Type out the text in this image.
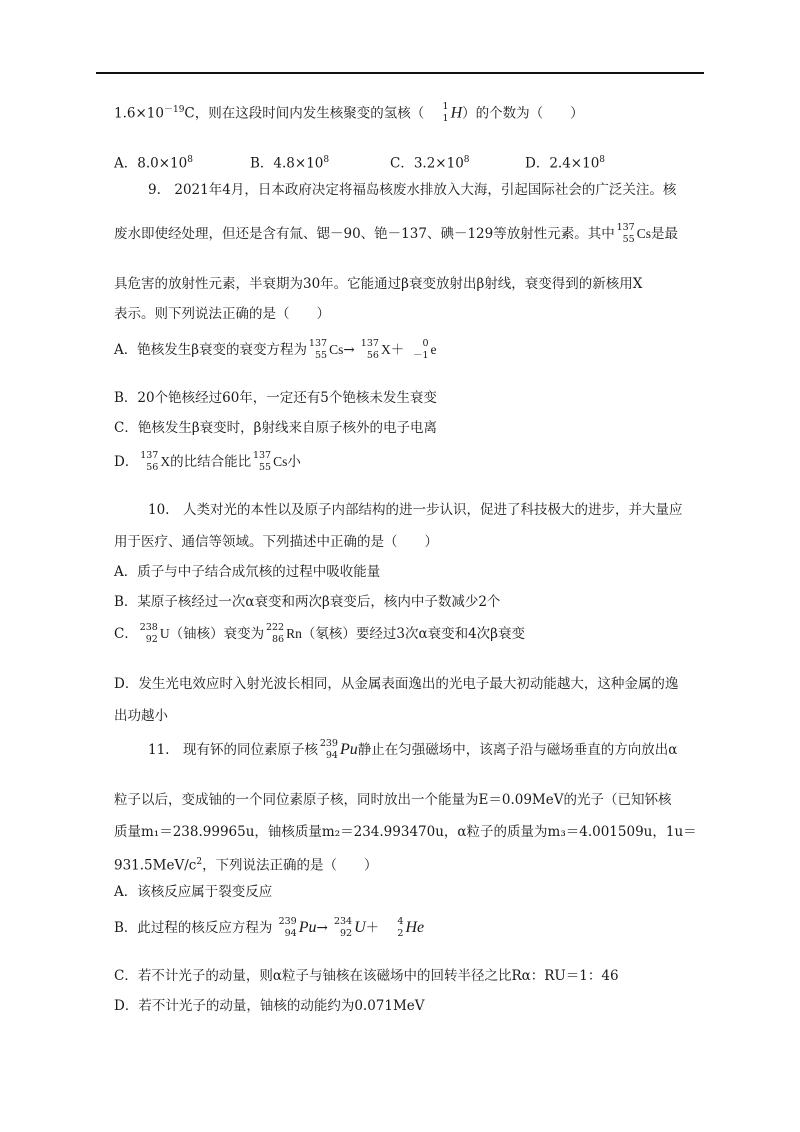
$1.6\times 10^{-19}C$，则在这段时间内发生核聚变的氢核（ 1
1 H）的个数为（　　）
A．$8.0\times 10^8$	B．$4.8\times 10^8$	C．$3.2\times 10^8$	D．$2.4\times 10^8$
9.　2021年4月，日本政府决定将福岛核废水排放入大海，引起国际社会的广泛关注。核
废水即使经处理，但还是含有氚、锶－90、铯－137、碘－129等放射性元素。其中 137
55 Cs是最
具危害的放射性元素，半衰期为30年。它能通过β衰变放射出β射线，衰变得到的新核用X
表示。则下列说法正确的是（　　）
A．铯核发生β衰变的衰变方程为 137
55 Cs→ 137
56 X＋ 0
－1 e
B．20个铯核经过60年，一定还有5个铯核未发生衰变
C．铯核发生β衰变时，β射线来自原子核外的电子电离
D． 137
56 X的比结合能比 137
55 Cs小
10.　人类对光的本性以及原子内部结构的进一步认识，促进了科技极大的进步，并大量应
用于医疗、通信等领域。下列描述中正确的是（　　）
A．质子与中子结合成氘核的过程中吸收能量
B．某原子核经过一次α衰变和两次β衰变后，核内中子数减少2个
C． 238
92 U（铀核）衰变为 222
86 Rn（氡核）要经过3次α衰变和4次β衰变
D．发生光电效应时入射光波长相同，从金属表面逸出的光电子最大初动能越大，这种金属的逸
出功越小
11.　现有钚的同位素原子核 239
94 Pu静止在匀强磁场中，该离子沿与磁场垂直的方向放出α
粒子以后，变成铀的一个同位素原子核，同时放出一个能量为E＝0.09MeV的光子（已知钚核
质量m₁＝238.99965u，铀核质量m₂＝234.993470u，α粒子的质量为m₃＝4.001509u，1u＝
$931.5MeV/c^2$，下列说法正确的是（　　）
A．该核反应属于裂变反应
B．此过程的核反应方程为 239
94 Pu→ 234
92 U＋ 4
2 He
C．若不计光子的动量，则α粒子与铀核在该磁场中的回转半径之比Rα：RU＝1：46
D．若不计光子的动量，铀核的动能约为0.071MeV
